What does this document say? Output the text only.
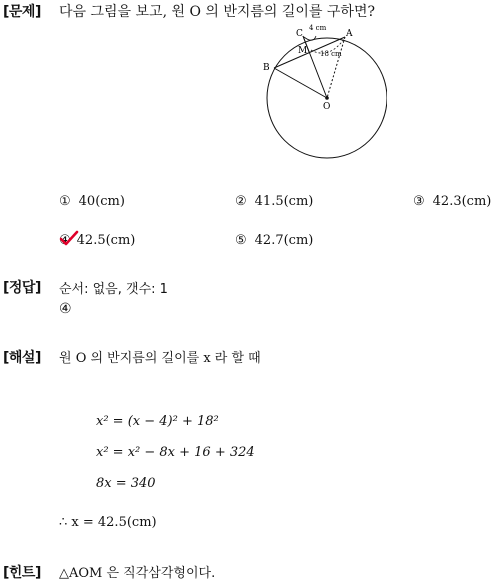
[문제] 다음 그림을 보고, 원 O 의 반지름의 길이를 구하면?
C	A
M
B
O
4 cm
18 cm
① 40(cm)	② 41.5(cm)	③ 42.3(cm)
④ 42.5(cm)	⑤ 42.7(cm)
[정답] 순서: 없음, 갯수: 1
④
[해설] 원 O 의 반지름의 길이를 x 라 할 때
x² = (x − 4)² + 18²
x² = x² − 8x + 16 + 324
8x = 340
∴ x = 42.5(cm)
[힌트] △AOM 은 직각삼각형이다.
